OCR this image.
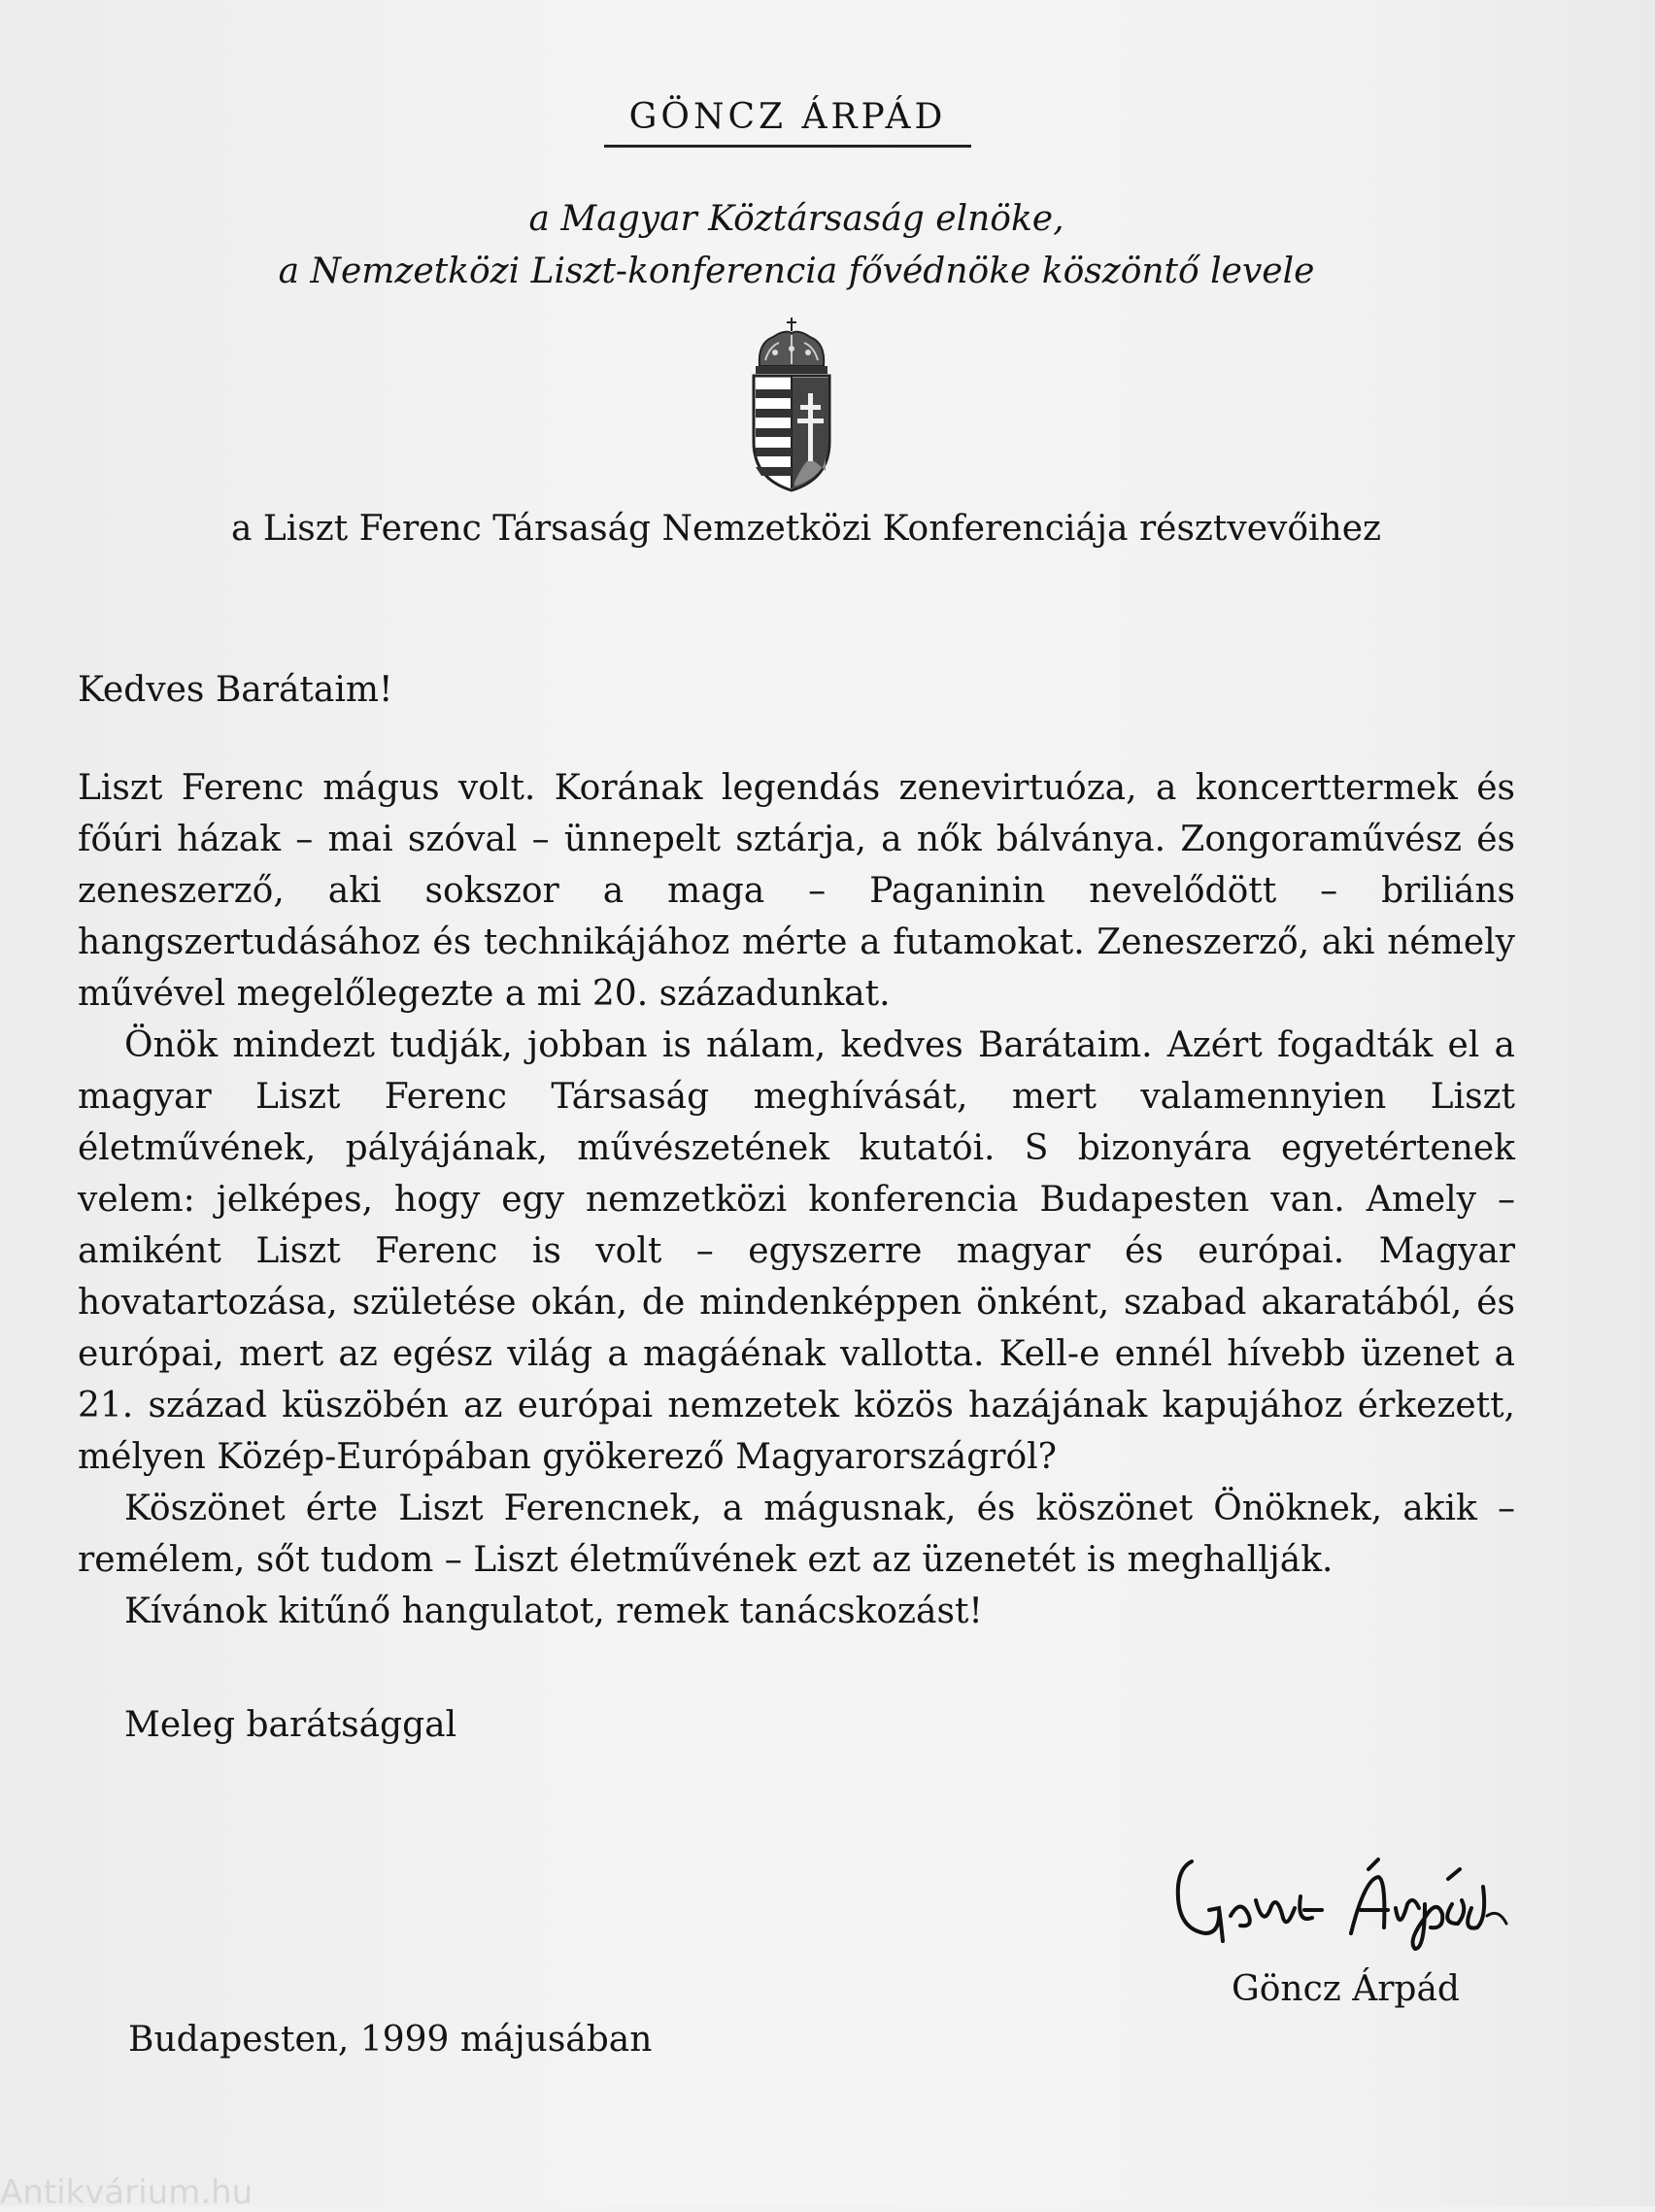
GÖNCZ ÁRPÁD
a Magyar Köztársaság elnöke,
a Nemzetközi Liszt-konferencia fővédnöke köszöntő levele
a Liszt Ferenc Társaság Nemzetközi Konferenciája résztvevőihez
Kedves Barátaim!

Liszt Ferenc mágus volt. Korának legendás zenevirtuóza, a koncerttermek és főúri házak – mai szóval – ünnepelt sztárja, a nők bálványa. Zongoraművész és zeneszerző, aki sokszor a maga – Paganinin nevelődött – briliáns hangszertudásához és technikájához mérte a futamokat. Zeneszerző, aki némely művével megelőlegezte a mi 20. századunkat.

Önök mindezt tudják, jobban is nálam, kedves Barátaim. Azért fogadták el a magyar Liszt Ferenc Társaság meghívását, mert valamennyien Liszt életművének, pályájának, művészetének kutatói. S bizonyára egyetértenek velem: jelképes, hogy egy nemzetközi konferencia Budapesten van. Amely – amiként Liszt Ferenc is volt – egyszerre magyar és európai. Magyar hovatartozása, születése okán, de mindenképpen önként, szabad akaratából, és európai, mert az egész világ a magáénak vallotta. Kell-e ennél hívebb üzenet a 21. század küszöbén az európai nemzetek közös hazájának kapujához érkezett, mélyen Közép-Európában gyökerező Magyarországról?

Köszönet érte Liszt Ferencnek, a mágusnak, és köszönet Önöknek, akik – remélem, sőt tudom – Liszt életművének ezt az üzenetét is meghallják.

Kívánok kitűnő hangulatot, remek tanácskozást!

Meleg barátsággal
Göncz Árpád
Budapesten, 1999 májusában
Antikvárium.hu
